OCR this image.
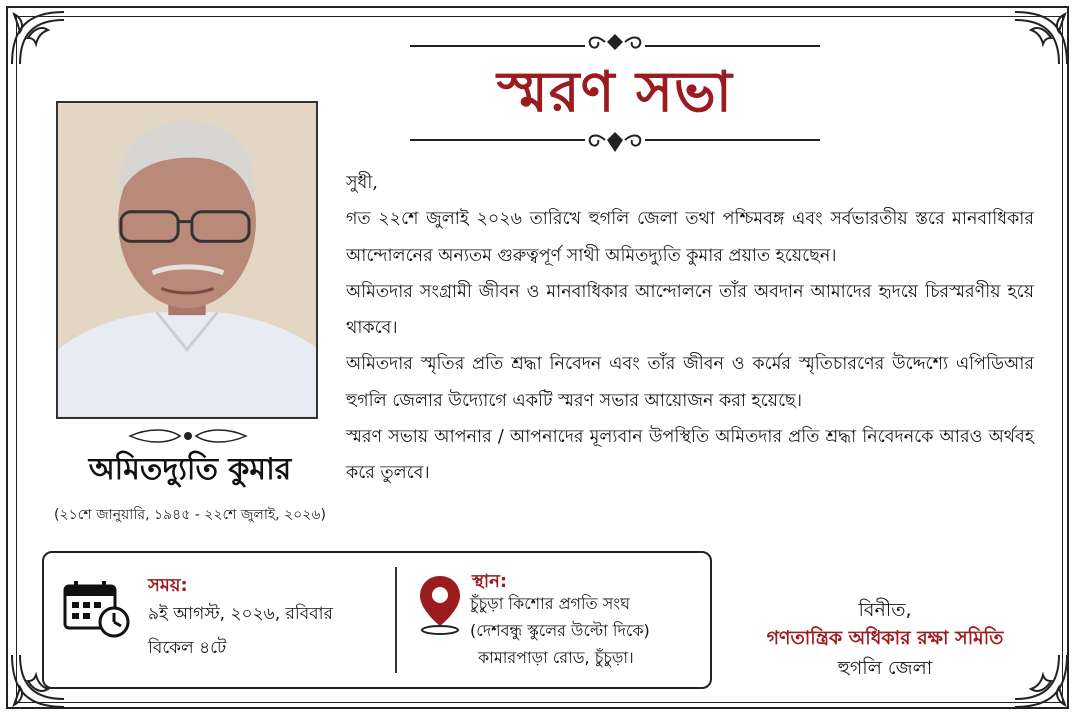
স্মরণ সভা
অমিতদ্যুতি কুমার
(২১শে জানুয়ারি, ১৯৪৫ - ২২শে জুলাই, ২০২৬)

সুধী,

গত ২২শে জুলাই ২০২৬ তারিখে হুগলি জেলা তথা পশ্চিমবঙ্গ এবং সর্বভারতীয় স্তরে মানবাধিকার আন্দোলনের অন্যতম গুরুত্বপূর্ণ সাথী অমিতদ্যুতি কুমার প্রয়াত হয়েছেন।

অমিতদার সংগ্রামী জীবন ও মানবাধিকার আন্দোলনে তাঁর অবদান আমাদের হৃদয়ে চিরস্মরণীয় হয়ে থাকবে।

অমিতদার স্মৃতির প্রতি শ্রদ্ধা নিবেদন এবং তাঁর জীবন ও কর্মের স্মৃতিচারণের উদ্দেশ্যে এপিডিআর হুগলি জেলার উদ্যোগে একটি স্মরণ সভার আয়োজন করা হয়েছে।

স্মরণ সভায় আপনার / আপনাদের মূল্যবান উপস্থিতি অমিতদার প্রতি শ্রদ্ধা নিবেদনকে আরও অর্থবহ করে তুলবে।

সময়:
৯ই আগস্ট, ২০২৬, রবিবার
বিকেল ৪টে
স্থান:
চুঁচুড়া কিশোর প্রগতি সংঘ
(দেশবন্ধু স্কুলের উল্টো দিকে)
কামারপাড়া রোড, চুঁচুড়া।
বিনীত,
গণতান্ত্রিক অধিকার রক্ষা সমিতি
হুগলি জেলা
